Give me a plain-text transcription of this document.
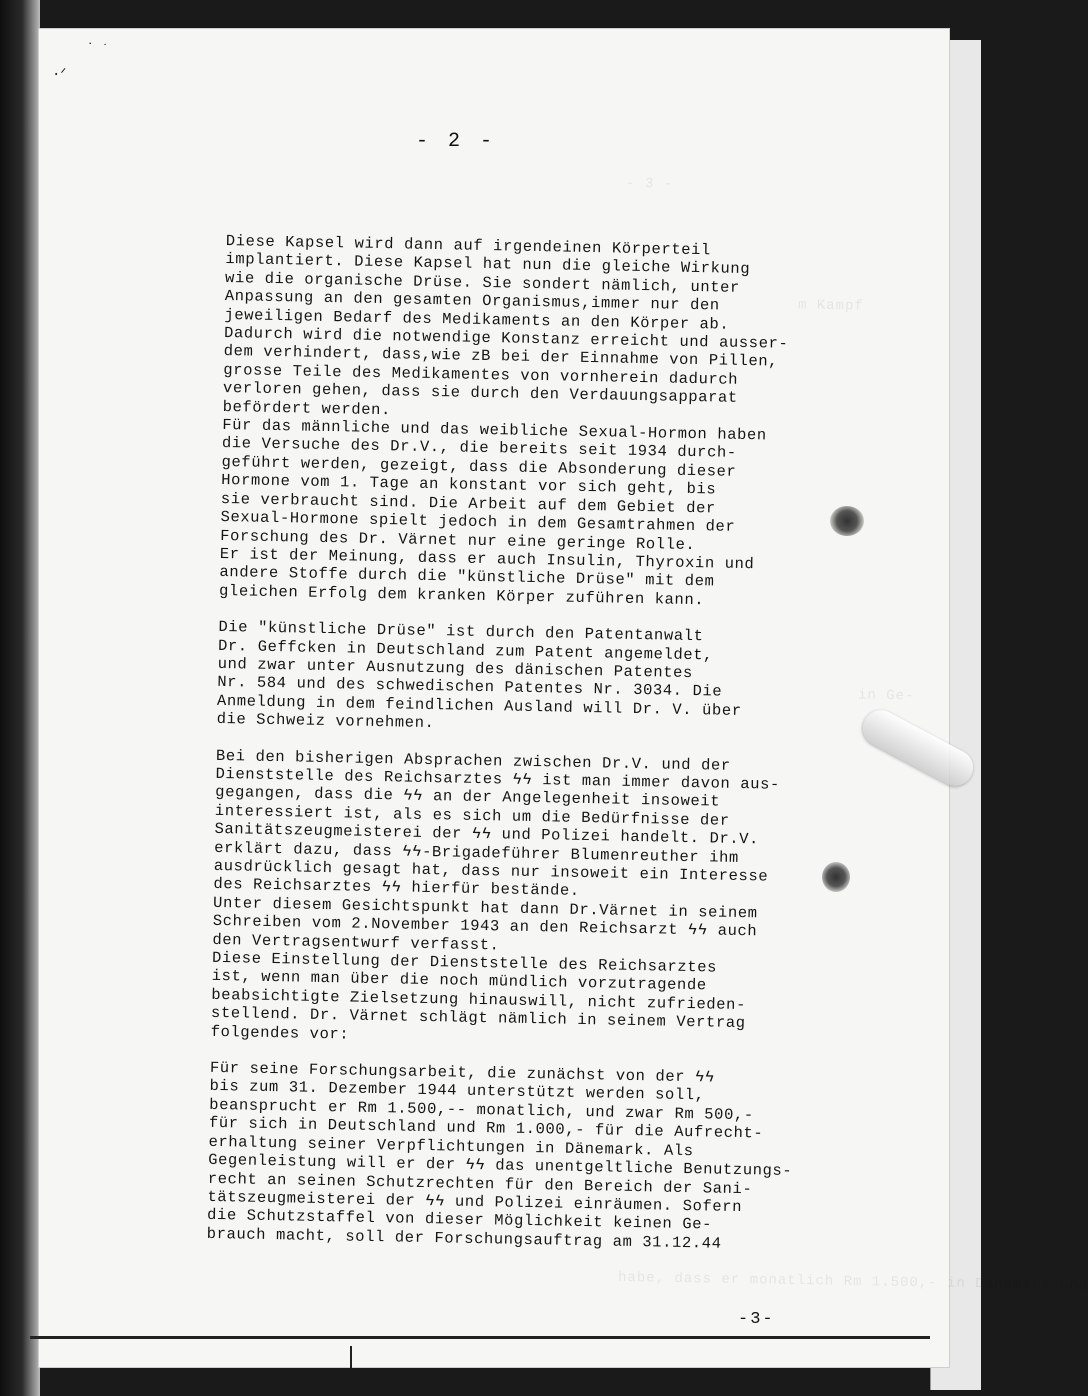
- 3 -
m Kampf
in Ge-
habe, dass er monatlich Rm 1.500,- in Dänemark und
- 2 -

Diese Kapsel wird dann auf irgendeinen Körperteil
implantiert. Diese Kapsel hat nun die gleiche Wirkung
wie die organische Drüse. Sie sondert nämlich, unter
Anpassung an den gesamten Organismus,immer nur den
jeweiligen Bedarf des Medikaments an den Körper ab.
Dadurch wird die notwendige Konstanz erreicht und ausser-
dem verhindert, dass,wie zB bei der Einnahme von Pillen,
grosse Teile des Medikamentes von vornherein dadurch
verloren gehen, dass sie durch den Verdauungsapparat
befördert werden.
Für das männliche und das weibliche Sexual-Hormon haben
die Versuche des Dr.V., die bereits seit 1934 durch-
geführt werden, gezeigt, dass die Absonderung dieser
Hormone vom 1. Tage an konstant vor sich geht, bis
sie verbraucht sind. Die Arbeit auf dem Gebiet der
Sexual-Hormone spielt jedoch in dem Gesamtrahmen der
Forschung des Dr. Värnet nur eine geringe Rolle.
Er ist der Meinung, dass er auch Insulin, Thyroxin und
andere Stoffe durch die "künstliche Drüse" mit dem
gleichen Erfolg dem kranken Körper zuführen kann.

Die "künstliche Drüse" ist durch den Patentanwalt
Dr. Geffcken in Deutschland zum Patent angemeldet,
und zwar unter Ausnutzung des dänischen Patentes
Nr. 584 und des schwedischen Patentes Nr. 3034. Die
Anmeldung in dem feindlichen Ausland will Dr. V. über
die Schweiz vornehmen.

Bei den bisherigen Absprachen zwischen Dr.V. und der
Dienststelle des Reichsarztes ϟϟ ist man immer davon aus-
gegangen, dass die ϟϟ an der Angelegenheit insoweit
interessiert ist, als es sich um die Bedürfnisse der
Sanitätszeugmeisterei der ϟϟ und Polizei handelt. Dr.V.
erklärt dazu, dass ϟϟ-Brigadeführer Blumenreuther ihm
ausdrücklich gesagt hat, dass nur insoweit ein Interesse
des Reichsarztes ϟϟ hierfür bestände.
Unter diesem Gesichtspunkt hat dann Dr.Värnet in seinem
Schreiben vom 2.November 1943 an den Reichsarzt ϟϟ auch
den Vertragsentwurf verfasst.
Diese Einstellung der Dienststelle des Reichsarztes
ist, wenn man über die noch mündlich vorzutragende
beabsichtigte Zielsetzung hinauswill, nicht zufrieden-
stellend. Dr. Värnet schlägt nämlich in seinem Vertrag
folgendes vor:

Für seine Forschungsarbeit, die zunächst von der ϟϟ
bis zum 31. Dezember 1944 unterstützt werden soll,
beansprucht er Rm 1.500,-- monatlich, und zwar Rm 500,-
für sich in Deutschland und Rm 1.000,- für die Aufrecht-
erhaltung seiner Verpflichtungen in Dänemark. Als
Gegenleistung will er der ϟϟ das unentgeltliche Benutzungs-
recht an seinen Schutzrechten für den Bereich der Sani-
tätszeugmeisterei der ϟϟ und Polizei einräumen. Sofern
die Schutzstaffel von dieser Möglichkeit keinen Ge-
brauch macht, soll der Forschungsauftrag am 31.12.44

-3-
˙ ͘
·ᐟ
